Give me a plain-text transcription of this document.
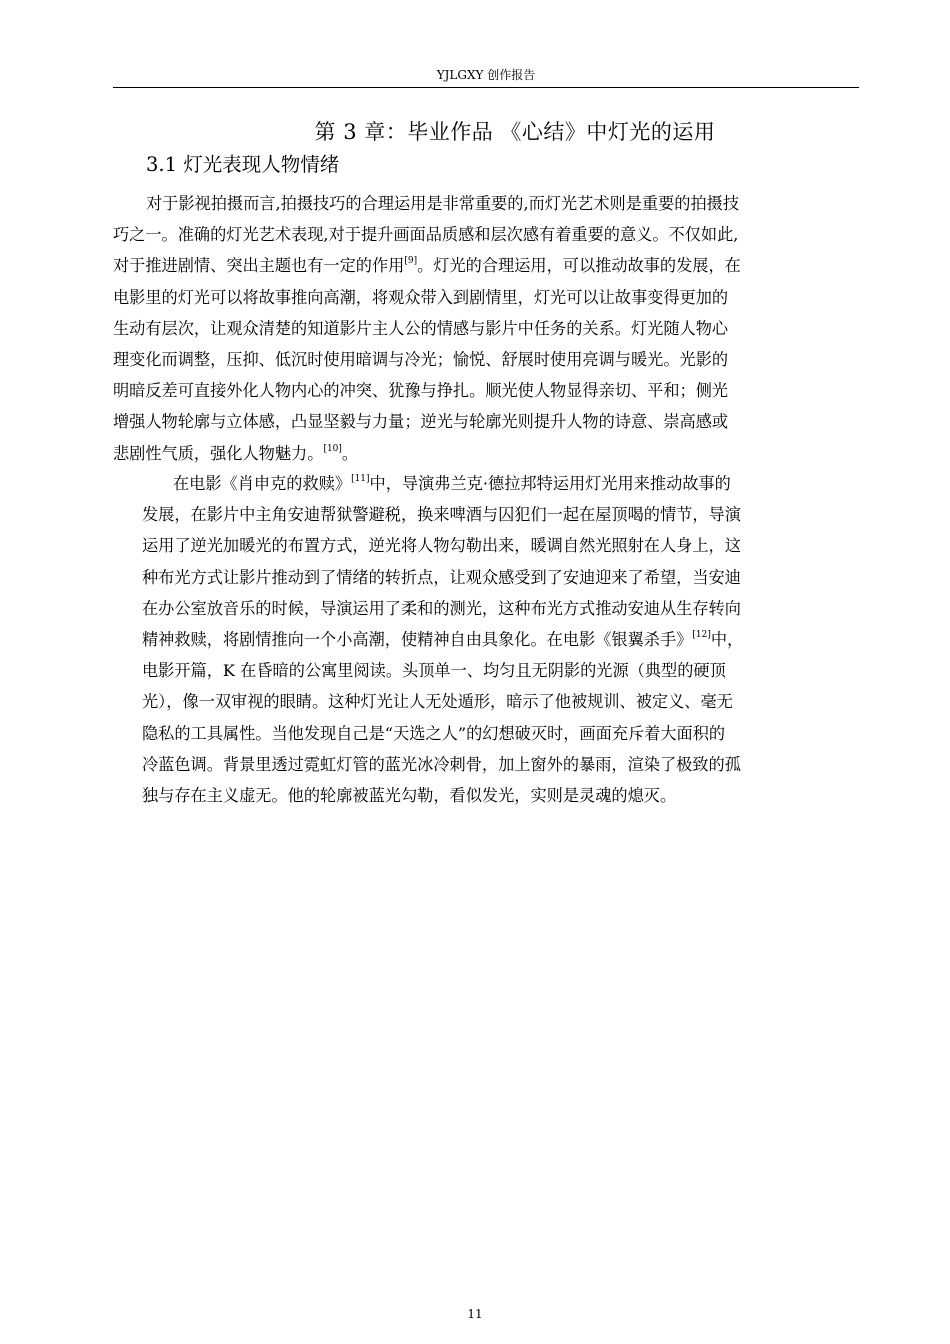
YJLGXY 创作报告
第 3 章：毕业作品 《心结》中灯光的运用
3.1 灯光表现人物情绪
对于影视拍摄而言,拍摄技巧的合理运用是非常重要的,而灯光艺术则是重要的拍摄技
巧之一。准确的灯光艺术表现,对于提升画面品质感和层次感有着重要的意义。不仅如此,
对于推进剧情、突出主题也有一定的作用[9]。灯光的合理运用，可以推动故事的发展，在
电影里的灯光可以将故事推向高潮，将观众带入到剧情里，灯光可以让故事变得更加的
生动有层次，让观众清楚的知道影片主人公的情感与影片中任务的关系。灯光随人物心
理变化而调整，压抑、低沉时使用暗调与冷光；愉悦、舒展时使用亮调与暖光。光影的
明暗反差可直接外化人物内心的冲突、犹豫与挣扎。顺光使人物显得亲切、平和；侧光
增强人物轮廓与立体感，凸显坚毅与力量；逆光与轮廓光则提升人物的诗意、崇高感或
悲剧性气质，强化人物魅力。[10]。
在电影《肖申克的救赎》[11]中，导演弗兰克·德拉邦特运用灯光用来推动故事的
发展，在影片中主角安迪帮狱警避税，换来啤酒与囚犯们一起在屋顶喝的情节，导演
运用了逆光加暖光的布置方式，逆光将人物勾勒出来，暖调自然光照射在人身上，这
种布光方式让影片推动到了情绪的转折点，让观众感受到了安迪迎来了希望，当安迪
在办公室放音乐的时候，导演运用了柔和的测光，这种布光方式推动安迪从生存转向
精神救赎，将剧情推向一个小高潮，使精神自由具象化。在电影《银翼杀手》[12]中，
电影开篇，K 在昏暗的公寓里阅读。头顶单一、均匀且无阴影的光源（典型的硬顶
光），像一双审视的眼睛。这种灯光让人无处遁形，暗示了他被规训、被定义、毫无
隐私的工具属性。当他发现自己是“天选之人”的幻想破灭时，画面充斥着大面积的
冷蓝色调。背景里透过霓虹灯管的蓝光冰冷刺骨，加上窗外的暴雨，渲染了极致的孤
独与存在主义虚无。他的轮廓被蓝光勾勒，看似发光，实则是灵魂的熄灭。
11
